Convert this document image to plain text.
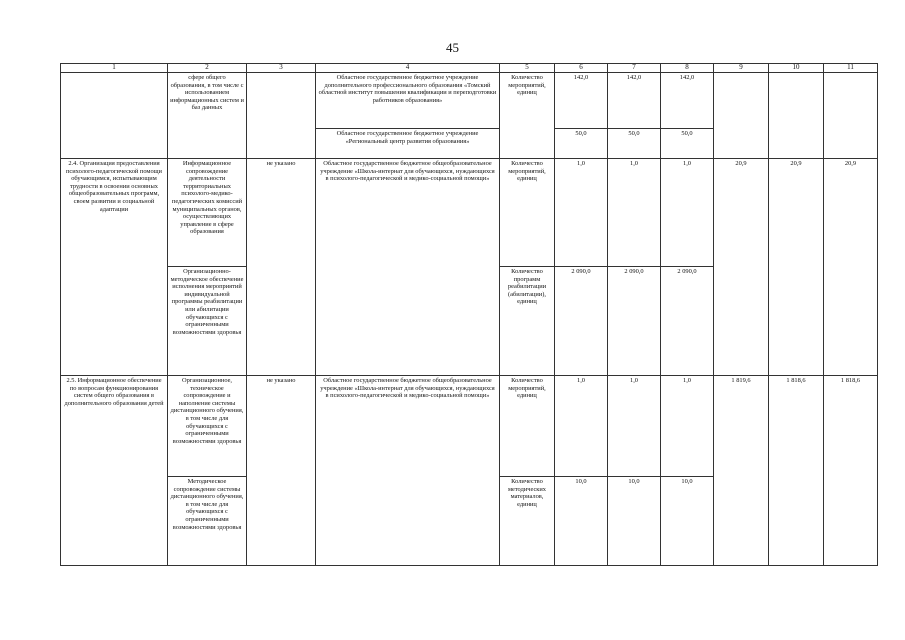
45
1	2	3	4	5	6	7	8	9	10	11
	сфере общего образования, в том числе с использованием информационных систем и баз данных		Областное государственное бюджетное учреждение дополнительного профессионального образования «Томский областной институт повышения квалификации и переподготовки работников образования»	Количество мероприятий, единиц	142,0	142,0	142,0			
			Областное государственное бюджетное учреждение «Региональный центр развития образования»		50,0	50,0	50,0			
2.4. Организация предоставления психолого-педагогической помощи обучающимся, испытывающим трудности в освоении основных общеобразовательных программ, своем развитии и социальной адаптации	Информационное сопровождение деятельности территориальных психолого-медико-педагогических комиссий муниципальных органов, осуществляющих управление в сфере образования	не указано	Областное государственное бюджетное общеобразовательное учреждение «Школа-интернат для обучающихся, нуждающихся в психолого-педагогической и медико-социальной помощи»	Количество мероприятий, единиц	1,0	1,0	1,0	20,9	20,9	20,9
	Организационно-методическое обеспечение исполнения мероприятий индивидуальной программы реабилитации или абилитации обучающихся с ограниченными возможностями здоровья			Количество программ реабилитации (абилитации), единиц	2 090,0	2 090,0	2 090,0			
2.5. Информационное обеспечение по вопросам функционирования систем общего образования в дополнительного образования детей	Организационное, техническое сопровождение и наполнение системы дистанционного обучения, в том числе для обучающихся с ограниченными возможностями здоровья	не указано	Областное государственное бюджетное общеобразовательное учреждение «Школа-интернат для обучающихся, нуждающихся в психолого-педагогической и медико-социальной помощи»	Количество мероприятий, единиц	1,0	1,0	1,0	1 819,6	1 818,6	1 818,6
	Методическое сопровождение системы дистанционного обучения, в том числе для обучающихся с ограниченными возможностями здоровья			Количество методических материалов, единиц	10,0	10,0	10,0			
